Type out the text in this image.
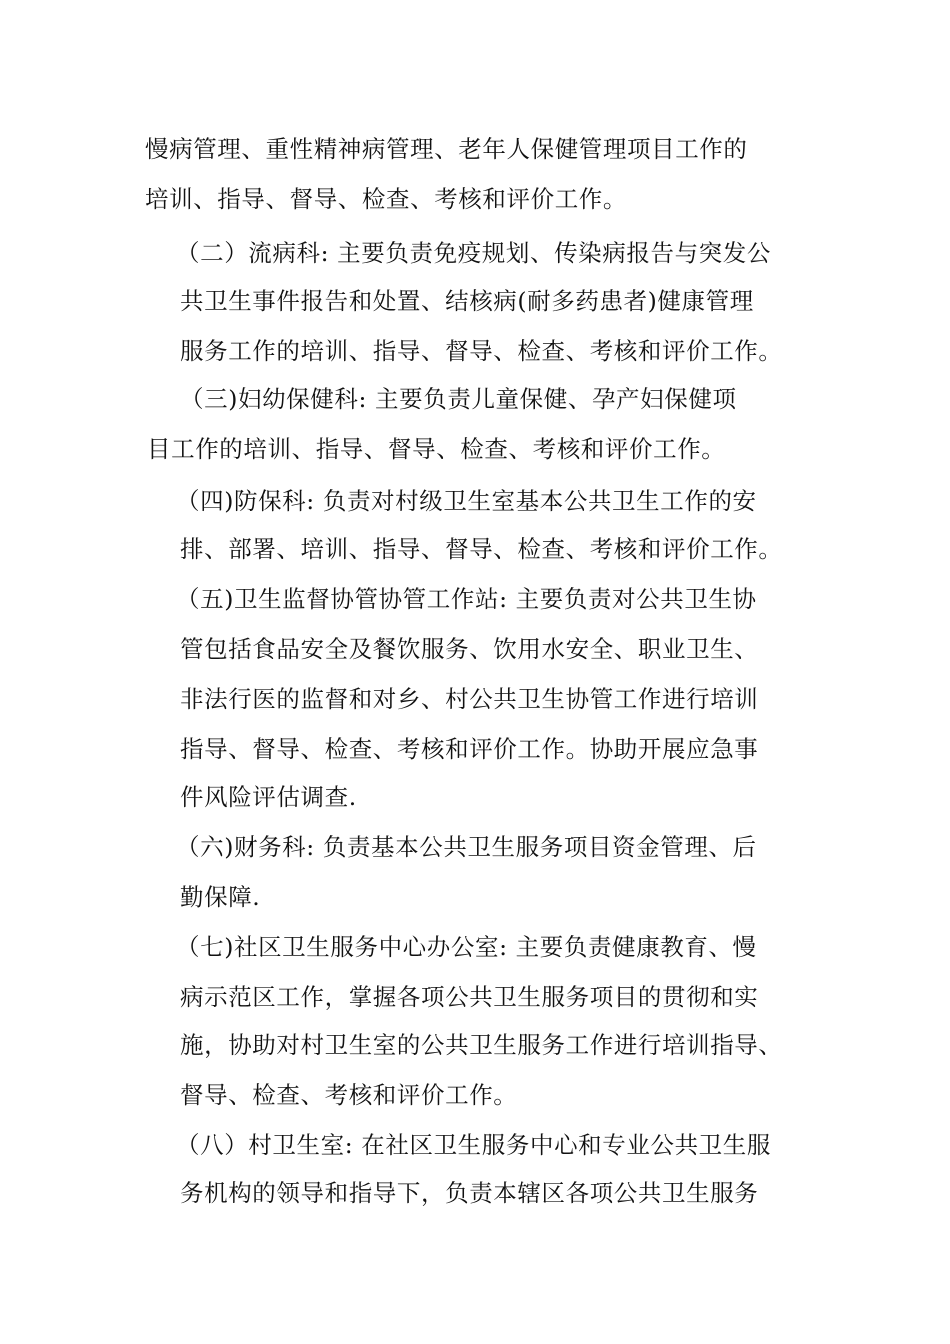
慢病管理、重性精神病管理、老年人保健管理项目工作的
培训、指导、督导、检查、考核和评价工作。
（二）流病科: 主要负责免疫规划、传染病报告与突发公
共卫生事件报告和处置、结核病(耐多药患者)健康管理
服务工作的培训、指导、督导、检查、考核和评价工作。
（三)妇幼保健科: 主要负责儿童保健、孕产妇保健项
目工作的培训、指导、督导、检查、考核和评价工作。
（四)防保科: 负责对村级卫生室基本公共卫生工作的安
排、部署、培训、指导、督导、检查、考核和评价工作。
（五)卫生监督协管协管工作站: 主要负责对公共卫生协
管包括食品安全及餐饮服务、饮用水安全、职业卫生、
非法行医的监督和对乡、村公共卫生协管工作进行培训
指导、督导、检查、考核和评价工作。协助开展应急事
件风险评估调查.
（六)财务科: 负责基本公共卫生服务项目资金管理、后
勤保障.
（七)社区卫生服务中心办公室: 主要负责健康教育、慢
病示范区工作，掌握各项公共卫生服务项目的贯彻和实
施，协助对村卫生室的公共卫生服务工作进行培训指导、
督导、检查、考核和评价工作。
（八）村卫生室: 在社区卫生服务中心和专业公共卫生服
务机构的领导和指导下，负责本辖区各项公共卫生服务
